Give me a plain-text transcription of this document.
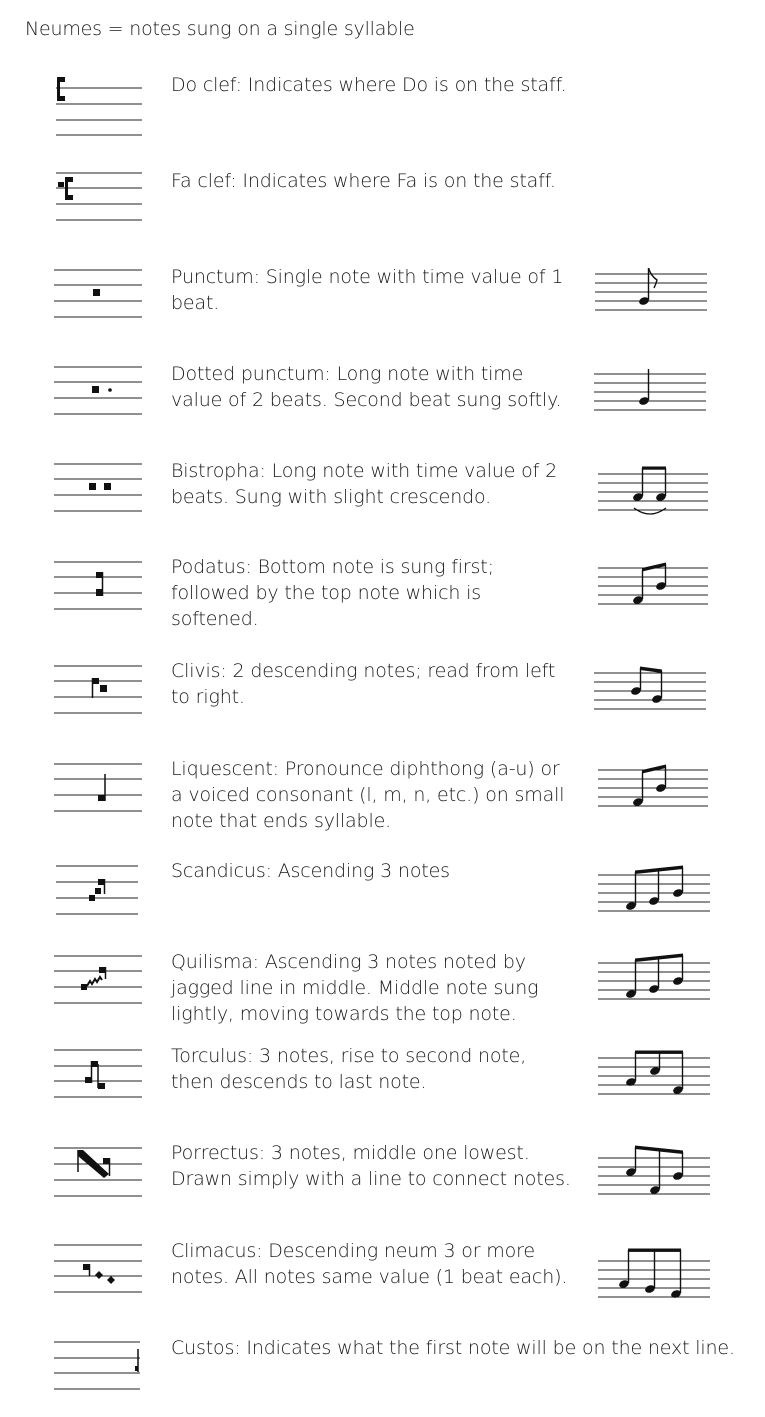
Neumes = notes sung on a single syllable
Do clef: Indicates where Do is on the staff.
Fa clef: Indicates where Fa is on the staff.
Punctum: Single note with time value of 1 beat.
Dotted punctum: Long note with time value of 2 beats. Second beat sung softly.
Bistropha: Long note with time value of 2 beats. Sung with slight crescendo.
Podatus: Bottom note is sung first; followed by the top note which is softened.
Clivis: 2 descending notes; read from left to right.
Liquescent: Pronounce diphthong (a-u) or a voiced consonant (l, m, n, etc.) on small note that ends syllable.
Scandicus: Ascending 3 notes
Quilisma: Ascending 3 notes noted by jagged line in middle. Middle note sung lightly, moving towards the top note.
Torculus: 3 notes, rise to second note, then descends to last note.
Porrectus: 3 notes, middle one lowest. Drawn simply with a line to connect notes.
Climacus: Descending neum 3 or more notes. All notes same value (1 beat each).
Custos: Indicates what the first note will be on the next line.
